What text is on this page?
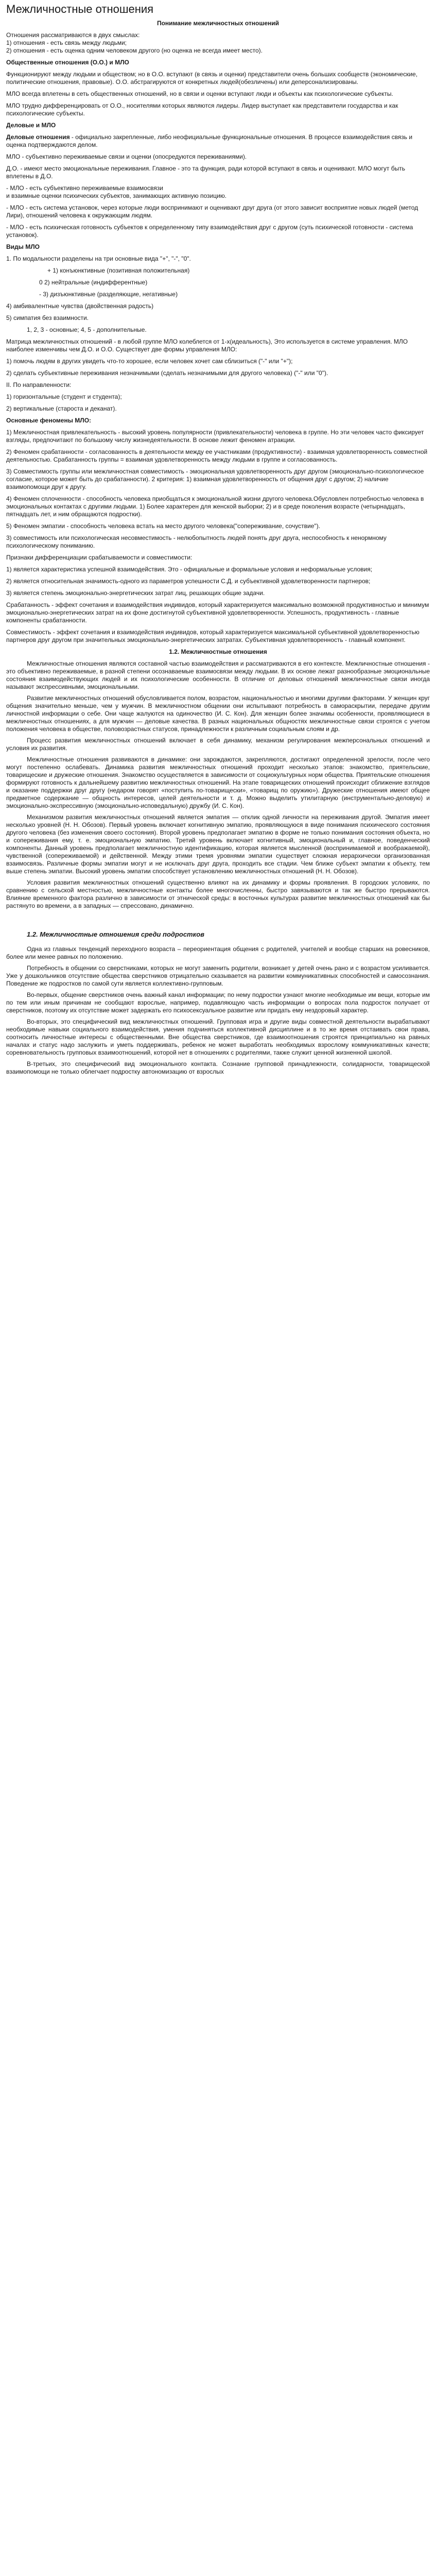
Межличностные отношения
Понимание межличностных отношений

Отношения рассматриваются в двух смыслах:

1) отношения - есть связь между людьми;

2) отношения - есть оценка одним человеком другого (но оценка не всегда имеет место).

Общественные отношения (О.О.) и МЛО

Функционируют между людьми и обществом; но в О.О. вступают (в связь и оценки) представители очень больших сообществ (экономические, политические отношения, правовые). О.О. абстрагируются от конкретных людей(обезличены) или деперсонализированы.

МЛО всегда вплетены в сеть общественных отношений, но в связи и оценки вступают люди и объекты как психологические субъекты.

МЛО трудно дифференцировать от О.О., носителями которых являются лидеры. Лидер выступает как представители государства и как психологические субъекты.

Деловые и МЛО

Деловые отношения - официально закрепленные, либо неофициальные функциональные отношения. В процессе взаимодействия связь и оценка подтверждаются делом.

МЛО - субъективно переживаемые связи и оценки (опосредуются переживаниями).

Д.О. - имеют место эмоциональные переживания. Главное - это та функция, ради которой вступают в связь и оценивают. МЛО могут быть вплетены в Д.О.

- МЛО - есть субъективно переживаемые взаимосвязи

и взаимные оценки психических субъектов, занимающих активную позицию.

- МЛО - есть система установок, через которые люди воспринимают и оценивают друг друга (от этого зависит восприятие новых людей (метод Лири), отношений человека к окружающим людям.

- МЛО - есть психическая готовность субъектов к определенному типу взаимодействия друг с другом (суть психической готовности - система установок).

Виды МЛО

1. По модальности разделены на три основные вида "+", "-", "0".

+ 1) конъюнктивные (позитивная положительная)

0 2) нейтральные (индифферентные)

- 3) дизъюнктивные (разделяющие, негативные)

4) амбивалентные чувства (двойственная радость)

5) симпатия без взаимности.

1, 2, 3 - основные; 4, 5 - дополнительные.

Матрица межличностных отношений - в любой группе МЛО колеблется от 1-x(идеальность), Это используется в системе управления. МЛО наиболее изменчивы чем Д.О. и О.О. Существует две формы управления МЛО:

1) помочь людям в других увидеть что-то хорошее, если человек хочет сам сблизиться ("-" или "+");

2) сделать субъективные переживания незначимыми (сделать незначимыми для другого человека) ("-" или "0").

II. По направленности:

1) горизонтальные (студент и студента);

2) вертикальные (староста и деканат).

Основные феномены МЛО:

1) Межличностная привлекательность - высокий уровень популярности (привлекательности) человека в группе. Но эти человек часто фиксирует взгляды, предпочитают по большому числу жизнедеятельности. В основе лежит феномен атракции.

2) Феномен срабатанности - согласованность в деятельности между ее участниками (продуктивности) - взаимная удовлетворенность совместной деятельностью. Срабатанность группы = взаимная удовлетворенность между людьми в группе и согласованность.

3) Совместимость группы или межличностная совместимость - эмоциональная удовлетворенность друг другом (эмоционально-психологическое согласие, которое может быть до срабатанности). 2 критерия: 1) взаимная удовлетворенность от общения друг с другом; 2) наличие взаимопомощи друг к другу.

4) Феномен сплоченности - способность человека приобщаться к эмоциональной жизни другого человека.Обусловлен потребностью человека в эмоциональных контактах с другими людьми. 1) Более характерен для женской выборки; 2) и в среде поколения возрасте (четырнадцать, пятнадцать лет, и ним обращаются подростки).

5) Феномен эмпатии - способность человека встать на место другого человека("сопереживание, сочуствие").

3) совместимость или психологическая несовместимость - нелюбопытность людей понять друг друга, неспособность к ненормному психологическому пониманию.

Признаки дифференциации срабатываемости и совместимости:

1) является характеристика успешной взаимодействия. Это - официальные и формальные условия и неформальные условия;

2) является относительная значимость-одного из параметров успешности С.Д. и субъективной удовлетворенности партнеров;

3) является степень эмоционально-энергетических затрат лиц, решающих общие задачи.

Срабатанность - эффект сочетания и взаимодействия индивидов, который характеризуется максимально возможной продуктивностью и минимум эмоционально-энергетических затрат на их фоне достигнутой субъективной удовлетворенности. Успешность, продуктивность - главные компоненты срабатанности.

Совместимость - эффект сочетания и взаимодействия индивидов, который характеризуется максимальной субъективной удовлетворенностью партнеров друг другом при значительных эмоционально-энергетических затратах. Субъективная удовлетворенность - главный компонент.

1.2. Межличностные отношения

Межличностные отношения являются составной частью взаимодействия и рассматриваются в его контексте. Межличностные отношения - это объективно переживаемые, в разной степени осознаваемые взаимосвязи между людьми. В их основе лежат разнообразные эмоциональные состояния взаимодействующих людей и их психологические особенности. В отличие от деловых отношений межличностные связи иногда называют экспрессивными, эмоциональными.

Развитие межличностных отношений обусловливается полом, возрастом, национальностью и многими другими факторами. У женщин круг общения значительно меньше, чем у мужчин. В межличностном общении они испытывают потребность в самораскрытии, передаче другим личностной информации о себе. Они чаще жалуются на одиночество (И. С. Кон). Для женщин более значимы особенности, проявляющиеся в межличностных отношениях, а для мужчин — деловые качества. В разных национальных общностях межличностные связи строятся с учетом положения человека в обществе, половозрастных статусов, принадлежности к различным социальным слоям и др.

Процесс развития межличностных отношений включает в себя динамику, механизм регулирования межперсональных отношений и условия их развития.

Межличностные отношения развиваются в динамике: они зарождаются, закрепляются, достигают определенной зрелости, после чего могут постепенно ослабевать. Динамика развития межличностных отношений проходит несколько этапов: знакомство, приятельские, товарищеские и дружеские отношения. Знакомство осуществляется в зависимости от социокультурных норм общества. Приятельские отношения формируют готовность к дальнейшему развитию межличностных отношений. На этапе товарищеских отношений происходит сближение взглядов и оказание поддержки друг другу (недаром говорят «поступить по-товарищески», «товарищ по оружию»). Дружеские отношения имеют общее предметное содержание — общность интересов, целей деятельности и т. д. Можно выделить утилитарную (инструментально-деловую) и эмоционально-экспрессивную (эмоционально-исповедальную) дружбу (И. С. Кон).

Механизмом развития межличностных отношений является эмпатия — отклик одной личности на переживания другой. Эмпатия имеет несколько уровней (Н. Н. Обозов). Первый уровень включает когнитивную эмпатию, проявляющуюся в виде понимания психического состояния другого человека (без изменения своего состояния). Второй уровень предполагает эмпатию в форме не только понимания состояния объекта, но и сопереживания ему, т. е. эмоциональную эмпатию. Третий уровень включает когнитивный, эмоциональный и, главное, поведенческий компоненты. Данный уровень предполагает межличностную идентификацию, которая является мысленной (воспринимаемой и воображаемой), чувственной (сопереживаемой) и действенной. Между этими тремя уровнями эмпатии существует сложная иерархически организованная взаимосвязь. Различные формы эмпатии могут и не исключать друг друга, проходить все стадии. Чем ближе субъект эмпатии к объекту, тем выше степень эмпатии. Высокий уровень эмпатии способствует установлению межличностных отношений (H. H. Обозов).

Условия развития межличностных отношений существенно влияют на их динамику и формы проявления. В городских условиях, по сравнению с сельской местностью, межличностные контакты более многочисленны, быстро завязываются и так же быстро прерываются. Влияние временного фактора различно в зависимости от этнической среды: в восточных культурах развитие межличностных отношений как бы растянуто во времени, а в западных — спрессовано, динамично.

1.2. Межличностные отношения среди подростков

Одна из главных тенденций переходного возраста – переориентация общения с родителей, учителей и вообще старших на ровесников, более или менее равных по положению.

Потребность в общении со сверстниками, которых не могут заменить родители, возникает у детей очень рано и с возрастом усиливается. Уже у дошкольников отсутствие общества сверстников отрицательно сказывается на развитии коммуникативных способностей и самосознания. Поведение же подростков по самой сути является коллективно-групповым.

Во-первых, общение сверстников очень важный канал информации; по нему подростки узнают многие необходимые им вещи, которые им по тем или иным причинам не сообщают взрослые, например, подавляющую часть информации о вопросах пола подросток получает от сверстников, поэтому их отсутствие может задержать его психосексуальное развитие или придать ему нездоровый характер.

Во-вторых, это специфический вид межличностных отношений. Групповая игра и другие виды совместной деятельности вырабатывают необходимые навыки социального взаимодействия, умения подчиняться коллективной дисциплине и в то же время отстаивать свои права, соотносить личностные интересы с общественными. Вне общества сверстников, где взаимоотношения строятся принципиально на равных началах и статус надо заслужить и уметь поддерживать, ребенок не может выработать необходимых взрослому коммуникативных качеств; соревновательность групповых взаимоотношений, которой нет в отношениях с родителями, также служит ценной жизненной школой.

В-третьих, это специфический вид эмоционального контакта. Сознание групповой принадлежности, солидарности, товарищеской взаимопомощи не только облегчает подростку автономизацию от взрослых
